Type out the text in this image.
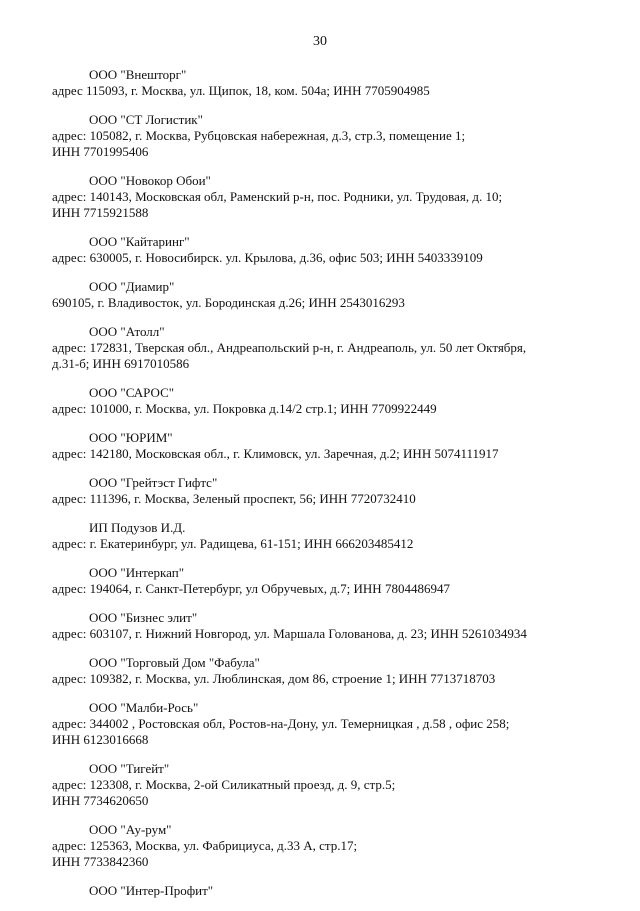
30
ООО "Внешторг"
адрес 115093, г. Москва, ул. Щипок, 18, ком. 504а; ИНН 7705904985
ООО "СТ Логистик"
адрес: 105082, г. Москва, Рубцовская набережная, д.3, стр.3, помещение 1;
ИНН 7701995406
ООО "Новокор Обои"
адрес: 140143, Московская обл, Раменский р-н, пос. Родники, ул. Трудовая, д. 10;
ИНН 7715921588
ООО "Кайтаринг"
адрес: 630005, г. Новосибирск. ул. Крылова, д.36, офис 503; ИНН 5403339109
ООО "Диамир"
690105, г. Владивосток, ул. Бородинская д.26; ИНН 2543016293
ООО "Атолл"
адрес: 172831, Тверская обл., Андреапольский р-н, г. Андреаполь, ул. 50 лет Октября,
д.31-б; ИНН 6917010586
ООО "САРОС"
адрес: 101000, г. Москва, ул. Покровка д.14/2 стр.1; ИНН 7709922449
ООО "ЮРИМ"
адрес: 142180, Московская обл., г. Климовск, ул. Заречная, д.2; ИНН 5074111917
ООО "Грейтэст Гифтс"
адрес: 111396, г. Москва, Зеленый проспект, 56; ИНН 7720732410
ИП Подузов И.Д.
адрес: г. Екатеринбург, ул. Радищева, 61-151; ИНН 666203485412
ООО "Интеркап"
адрес: 194064, г. Санкт-Петербург, ул Обручевых, д.7; ИНН 7804486947
ООО "Бизнес элит"
адрес: 603107, г. Нижний Новгород, ул. Маршала Голованова, д. 23; ИНН 5261034934
ООО "Торговый Дом "Фабула"
адрес: 109382, г. Москва, ул. Люблинская, дом 86, строение 1; ИНН 7713718703
ООО "Малби-Рось"
адрес: 344002 , Ростовская обл, Ростов-на-Дону, ул. Темерницкая , д.58 , офис 258;
ИНН 6123016668
ООО "Тигейт"
адрес: 123308, г. Москва, 2-ой Силикатный проезд, д. 9, стр.5;
ИНН 7734620650
ООО "Ау-рум"
адрес: 125363, Москва, ул. Фабрициуса, д.33 А, стр.17;
ИНН 7733842360
ООО "Интер-Профит"
